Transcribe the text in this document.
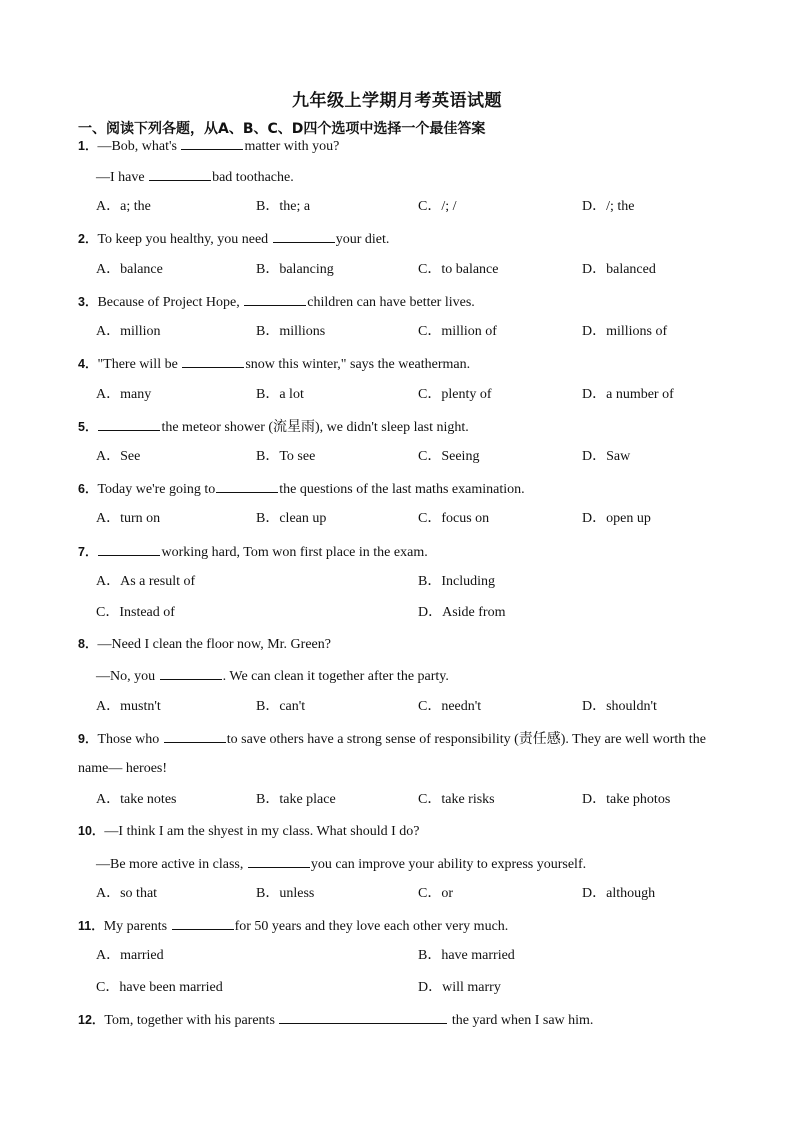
九年级上学期月考英语试题
一、阅读下列各题，从A、B、C、D四个选项中选择一个最佳答案
1．—Bob, what's	matter with you?
—I have	bad toothache.
A．a; the	B．the; a	C．/; /	D．/; the
2．To keep you healthy, you need	your diet.
A．balance	B．balancing	C．to balance	D．balanced
3．Because of Project Hope,	children can have better lives.
A．million	B．millions	C．million of	D．millions of
4．"There will be	snow this winter," says the weatherman.
A．many	B．a lot	C．plenty of	D．a number of
5．	the meteor shower (流星雨), we didn't sleep last night.
A．See	B．To see	C．Seeing	D．Saw
6．Today we're going to	the questions of the last maths examination.
A．turn on	B．clean up	C．focus on	D．open up
7．	working hard, Tom won first place in the exam.
A．As a result of	B．Including
C．Instead of	D．Aside from
8．—Need I clean the floor now, Mr. Green?
—No, you	. We can clean it together after the party.
A．mustn't	B．can't	C．needn't	D．shouldn't
9．Those who	to save others have a strong sense of responsibility (责任感). They are well worth the
name— heroes!
A．take notes	B．take place	C．take risks	D．take photos
10．—I think I am the shyest in my class. What should I do?
—Be more active in class,	you can improve your ability to express yourself.
A．so that	B．unless	C．or	D．although
11．My parents	for 50 years and they love each other very much.
A．married	B．have married
C．have been married	D．will marry
12．Tom, together with his parents	the yard when I saw him.
